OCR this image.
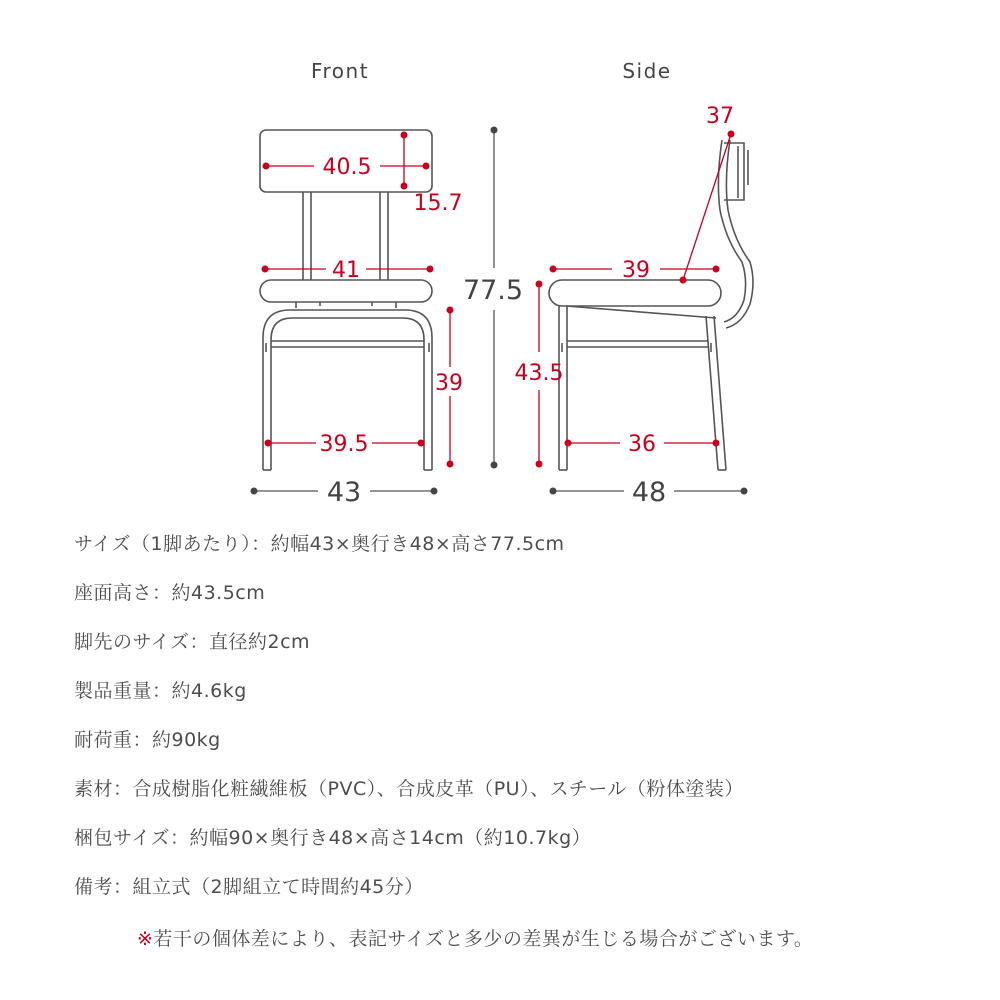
Front	Side
40.5
15.7
41
39
39.5
77.5
43
37
39
43.5
36
48
サイズ（1脚あたり）：約幅43×奥行き48×高さ77.5cm
座面高さ：約43.5cm
脚先のサイズ：直径約2cm
製品重量：約4.6kg
耐荷重：約90kg
素材：合成樹脂化粧繊維板（PVC）、合成皮革（PU）、スチール（粉体塗装）
梱包サイズ：約幅90×奥行き48×高さ14cm（約10.7kg）
備考：組立式（2脚組立て時間約45分）
※若干の個体差により、表記サイズと多少の差異が生じる場合がございます。
